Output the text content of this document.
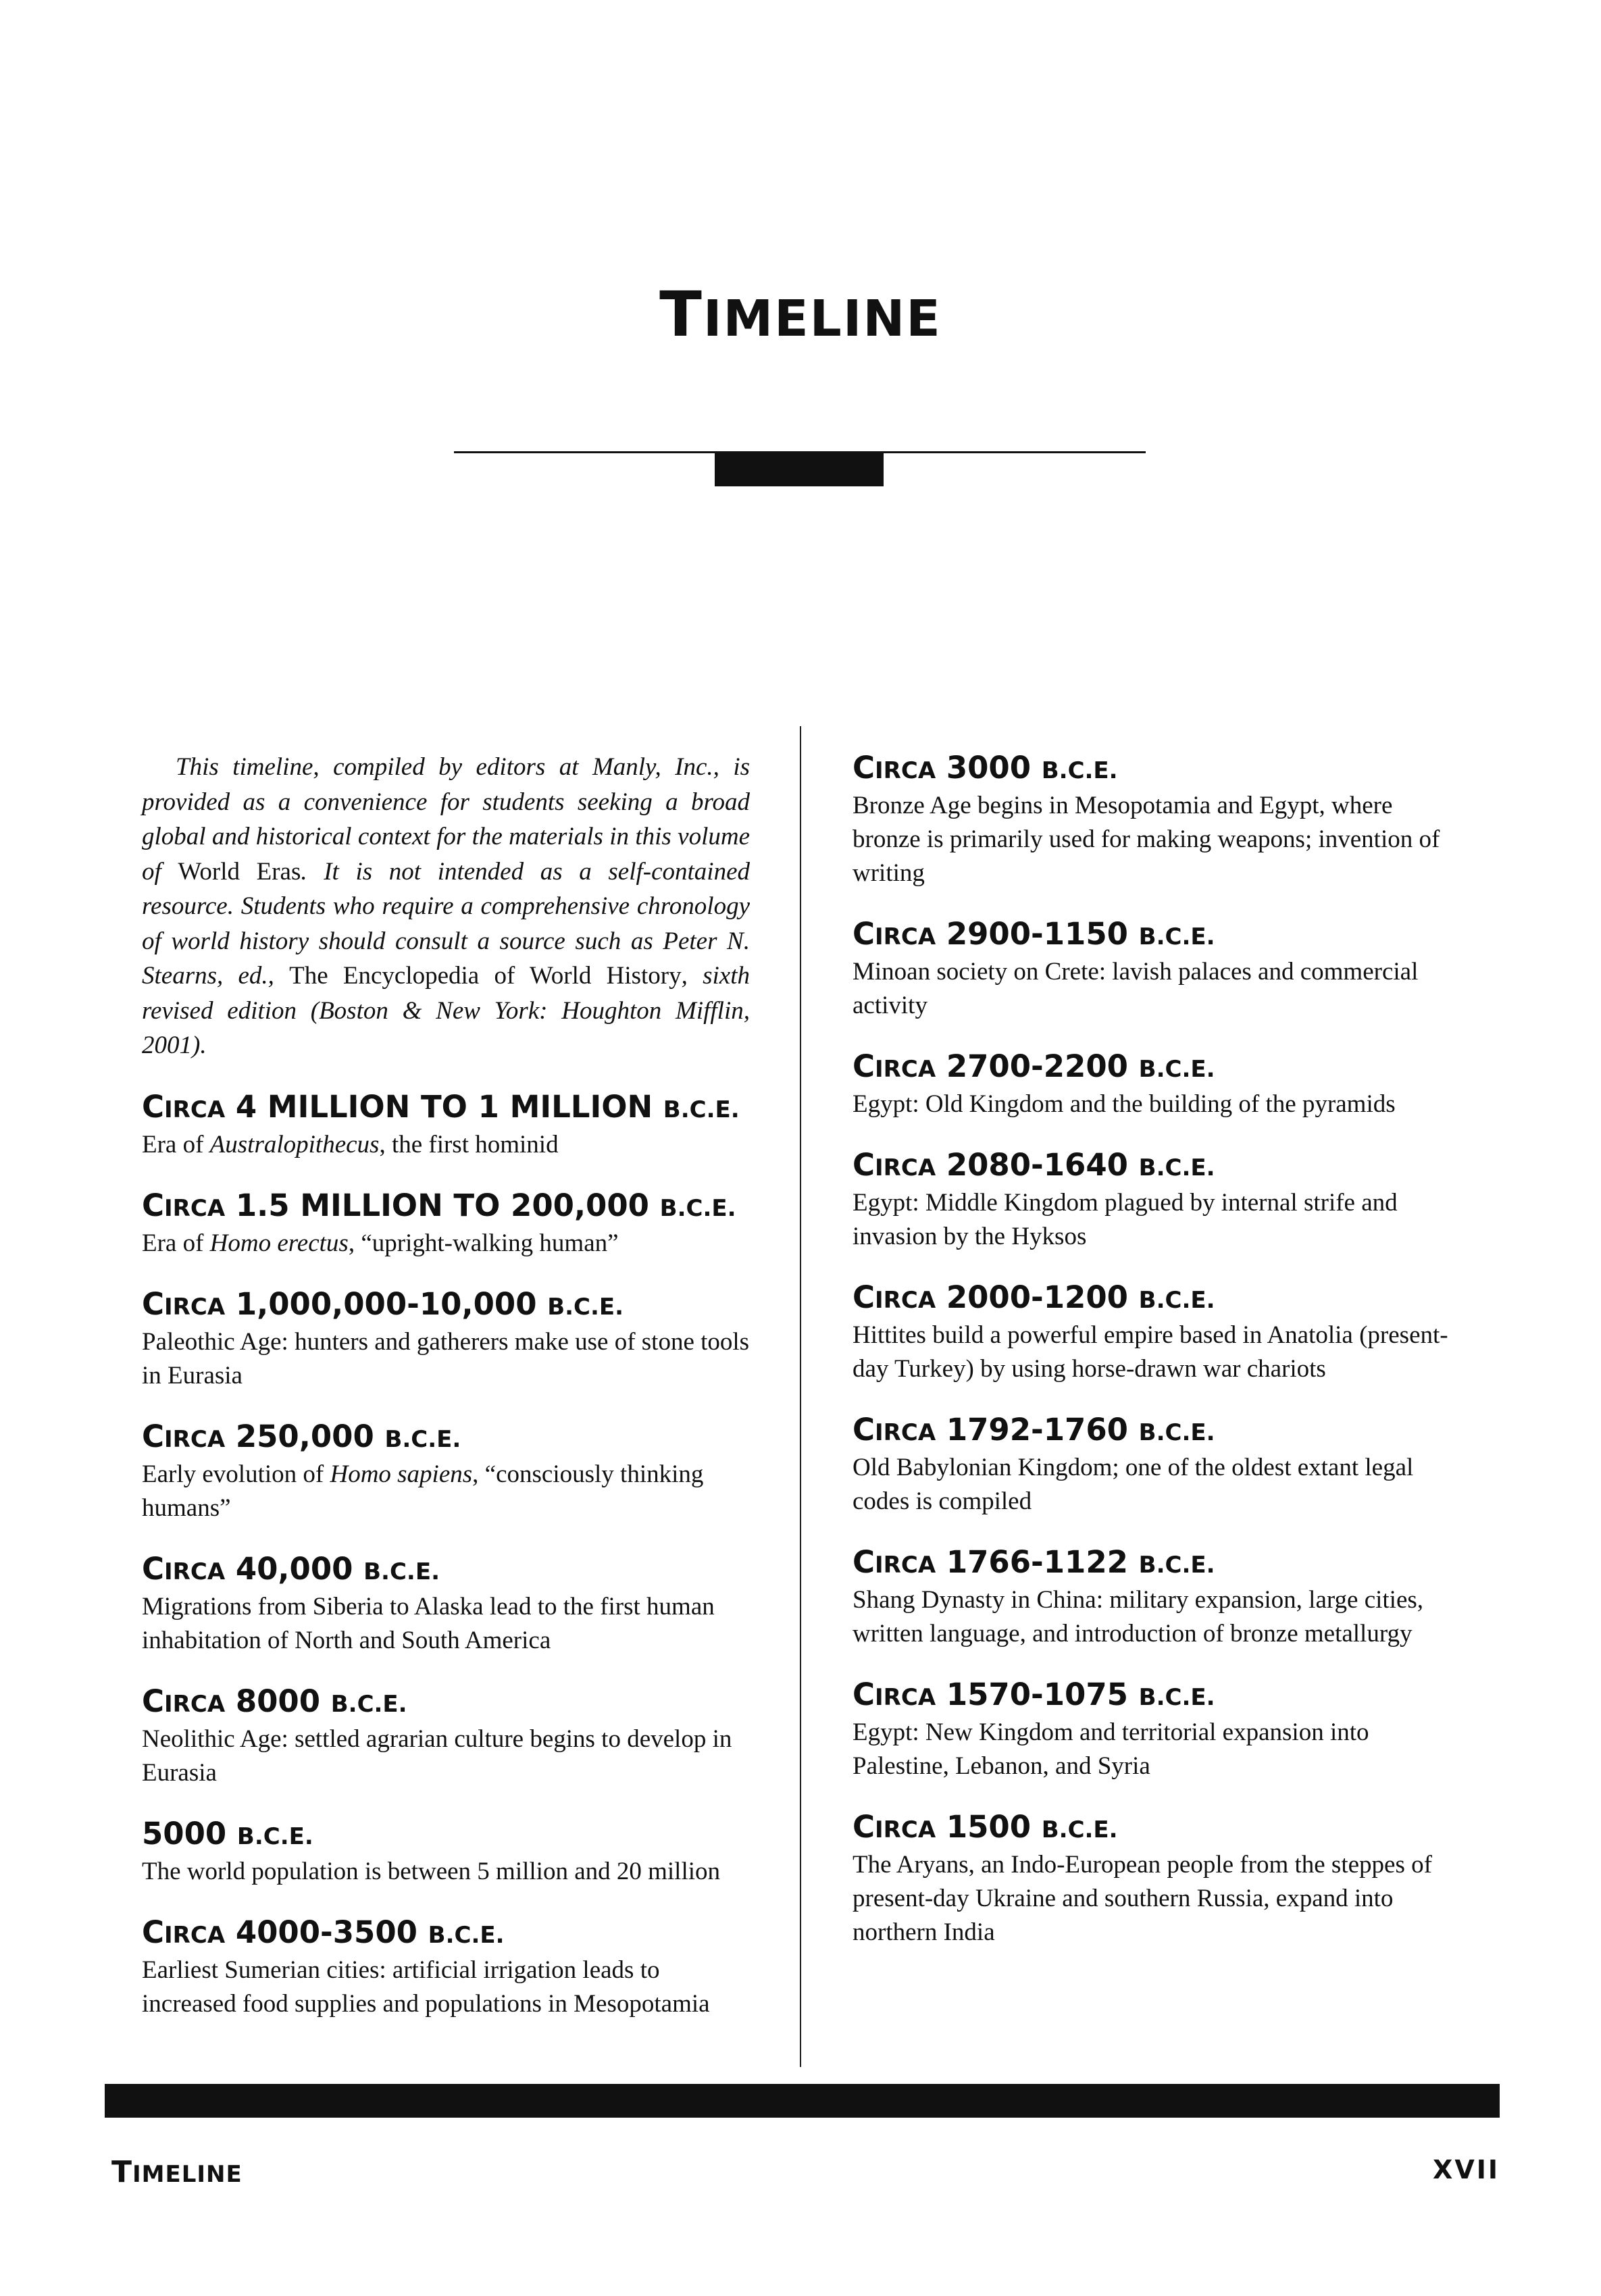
TIMELINE

This timeline, compiled by editors at Manly, Inc., is provided as a convenience for students seeking a broad global and historical context for the materials in this volume of World Eras. It is not intended as a self-contained resource. Students who require a comprehensive chronology of world history should consult a source such as Peter N. Stearns, ed., The Encyclopedia of World History, sixth revised edition (Boston & New York: Houghton Mifflin, 2001).

CIRCA 4 MILLION TO 1 MILLION B.C.E.

Era of Australopithecus, the first hominid

CIRCA 1.5 MILLION TO 200,000 B.C.E.

Era of Homo erectus, “upright-walking human”

CIRCA 1,000,000-10,000 B.C.E.

Paleothic Age: hunters and gatherers make use of stone tools in Eurasia

CIRCA 250,000 B.C.E.

Early evolution of Homo sapiens, “consciously thinking humans”

CIRCA 40,000 B.C.E.

Migrations from Siberia to Alaska lead to the first human inhabitation of North and South America

CIRCA 8000 B.C.E.

Neolithic Age: settled agrarian culture begins to develop in Eurasia

5000 B.C.E.

The world population is between 5 million and 20 million

CIRCA 4000-3500 B.C.E.

Earliest Sumerian cities: artificial irrigation leads to increased food supplies and populations in Mesopotamia

CIRCA 3000 B.C.E.

Bronze Age begins in Mesopotamia and Egypt, where bronze is primarily used for making weapons; invention of writing

CIRCA 2900-1150 B.C.E.

Minoan society on Crete: lavish palaces and commercial activity

CIRCA 2700-2200 B.C.E.

Egypt: Old Kingdom and the building of the pyramids

CIRCA 2080-1640 B.C.E.

Egypt: Middle Kingdom plagued by internal strife and invasion by the Hyksos

CIRCA 2000-1200 B.C.E.

Hittites build a powerful empire based in Anatolia (present-day Turkey) by using horse-drawn war chariots

CIRCA 1792-1760 B.C.E.

Old Babylonian Kingdom; one of the oldest extant legal codes is compiled

CIRCA 1766-1122 B.C.E.

Shang Dynasty in China: military expansion, large cities, written language, and introduction of bronze metallurgy

CIRCA 1570-1075 B.C.E.

Egypt: New Kingdom and territorial expansion into Palestine, Lebanon, and Syria

CIRCA 1500 B.C.E.

The Aryans, an Indo-European people from the steppes of present-day Ukraine and southern Russia, expand into northern India

TIMELINE	XVII
